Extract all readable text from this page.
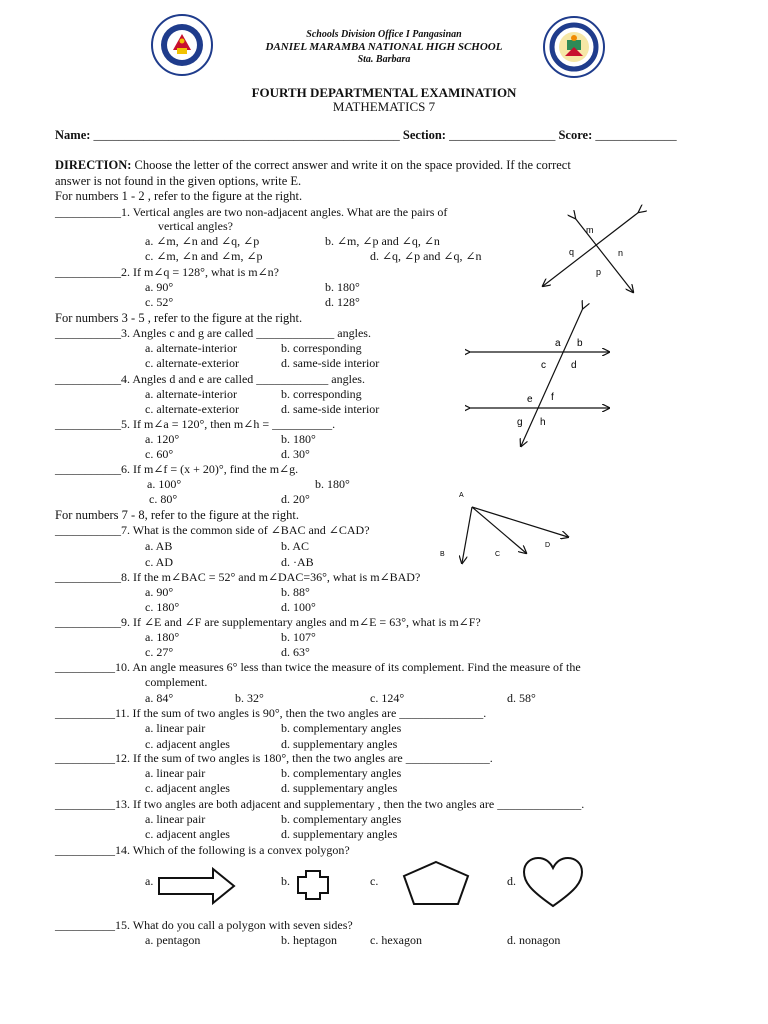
Schools Division Office I Pangasinan
DANIEL MARAMBA NATIONAL HIGH SCHOOL
Sta. Barbara
FOURTH DEPARTMENTAL EXAMINATION
MATHEMATICS 7
Name: _________________________________________________ Section: _________________ Score: _____________
DIRECTION: Choose the letter of the correct answer and write it on the space provided. If the correct
answer is not found in the given options, write E.
For numbers 1 - 2 , refer to the figure at the right.
___________1. Vertical angles are two non-adjacent angles. What are the pairs of
vertical angles?
a. ∠m, ∠n and ∠q, ∠p	b. ∠m, ∠p and ∠q, ∠n
c. ∠m, ∠n and ∠m, ∠p	d. ∠q, ∠p and ∠q, ∠n
___________2. If m∠q = 128°, what is m∠n?
a. 90°	b. 180°
c. 52°	d. 128°
m
q	n
p
For numbers 3 - 5 , refer to the figure at the right.
___________3. Angles c and g are called _____________ angles.
a. alternate-interior	b. corresponding
c. alternate-exterior	d. same-side interior
___________4. Angles d and e are called ____________ angles.
a. alternate-interior	b. corresponding
c. alternate-exterior	d. same-side interior
___________5. If m∠a = 120°, then m∠h = __________.
a. 120°	b. 180°
c. 60°	d. 30°
a b
c	d
e f
g h
___________6. If m∠f = (x + 20)°, find the m∠g.
a. 100°	b. 180°
c. 80°	d. 20°
For numbers 7 - 8, refer to the figure at the right.
___________7. What is the common side of ∠BAC and ∠CAD?
a. AB	b. AC
c. AD	d. ·AB
A
B	C
D
___________8. If the m∠BAC = 52° and m∠DAC=36°, what is m∠BAD?
a. 90°	b. 88°
c. 180°	d. 100°
___________9. If ∠E and ∠F are supplementary angles and m∠E = 63°, what is m∠F?
a. 180°	b. 107°
c. 27°	d. 63°
__________10. An angle measures 6° less than twice the measure of its complement. Find the measure of the
complement.
a. 84°	b. 32°	c. 124°	d. 58°
__________11. If the sum of two angles is 90°, then the two angles are ______________.
a. linear pair	b. complementary angles
c. adjacent angles	d. supplementary angles
__________12. If the sum of two angles is 180°, then the two angles are ______________.
a. linear pair	b. complementary angles
c. adjacent angles	d. supplementary angles
__________13. If two angles are both adjacent and supplementary , then the two angles are ______________.
a. linear pair	b. complementary angles
c. adjacent angles	d. supplementary angles
__________14. Which of the following is a convex polygon?
a.	b.	c.	d.
__________15. What do you call a polygon with seven sides?
a. pentagon	b. heptagon	c. hexagon	d. nonagon
